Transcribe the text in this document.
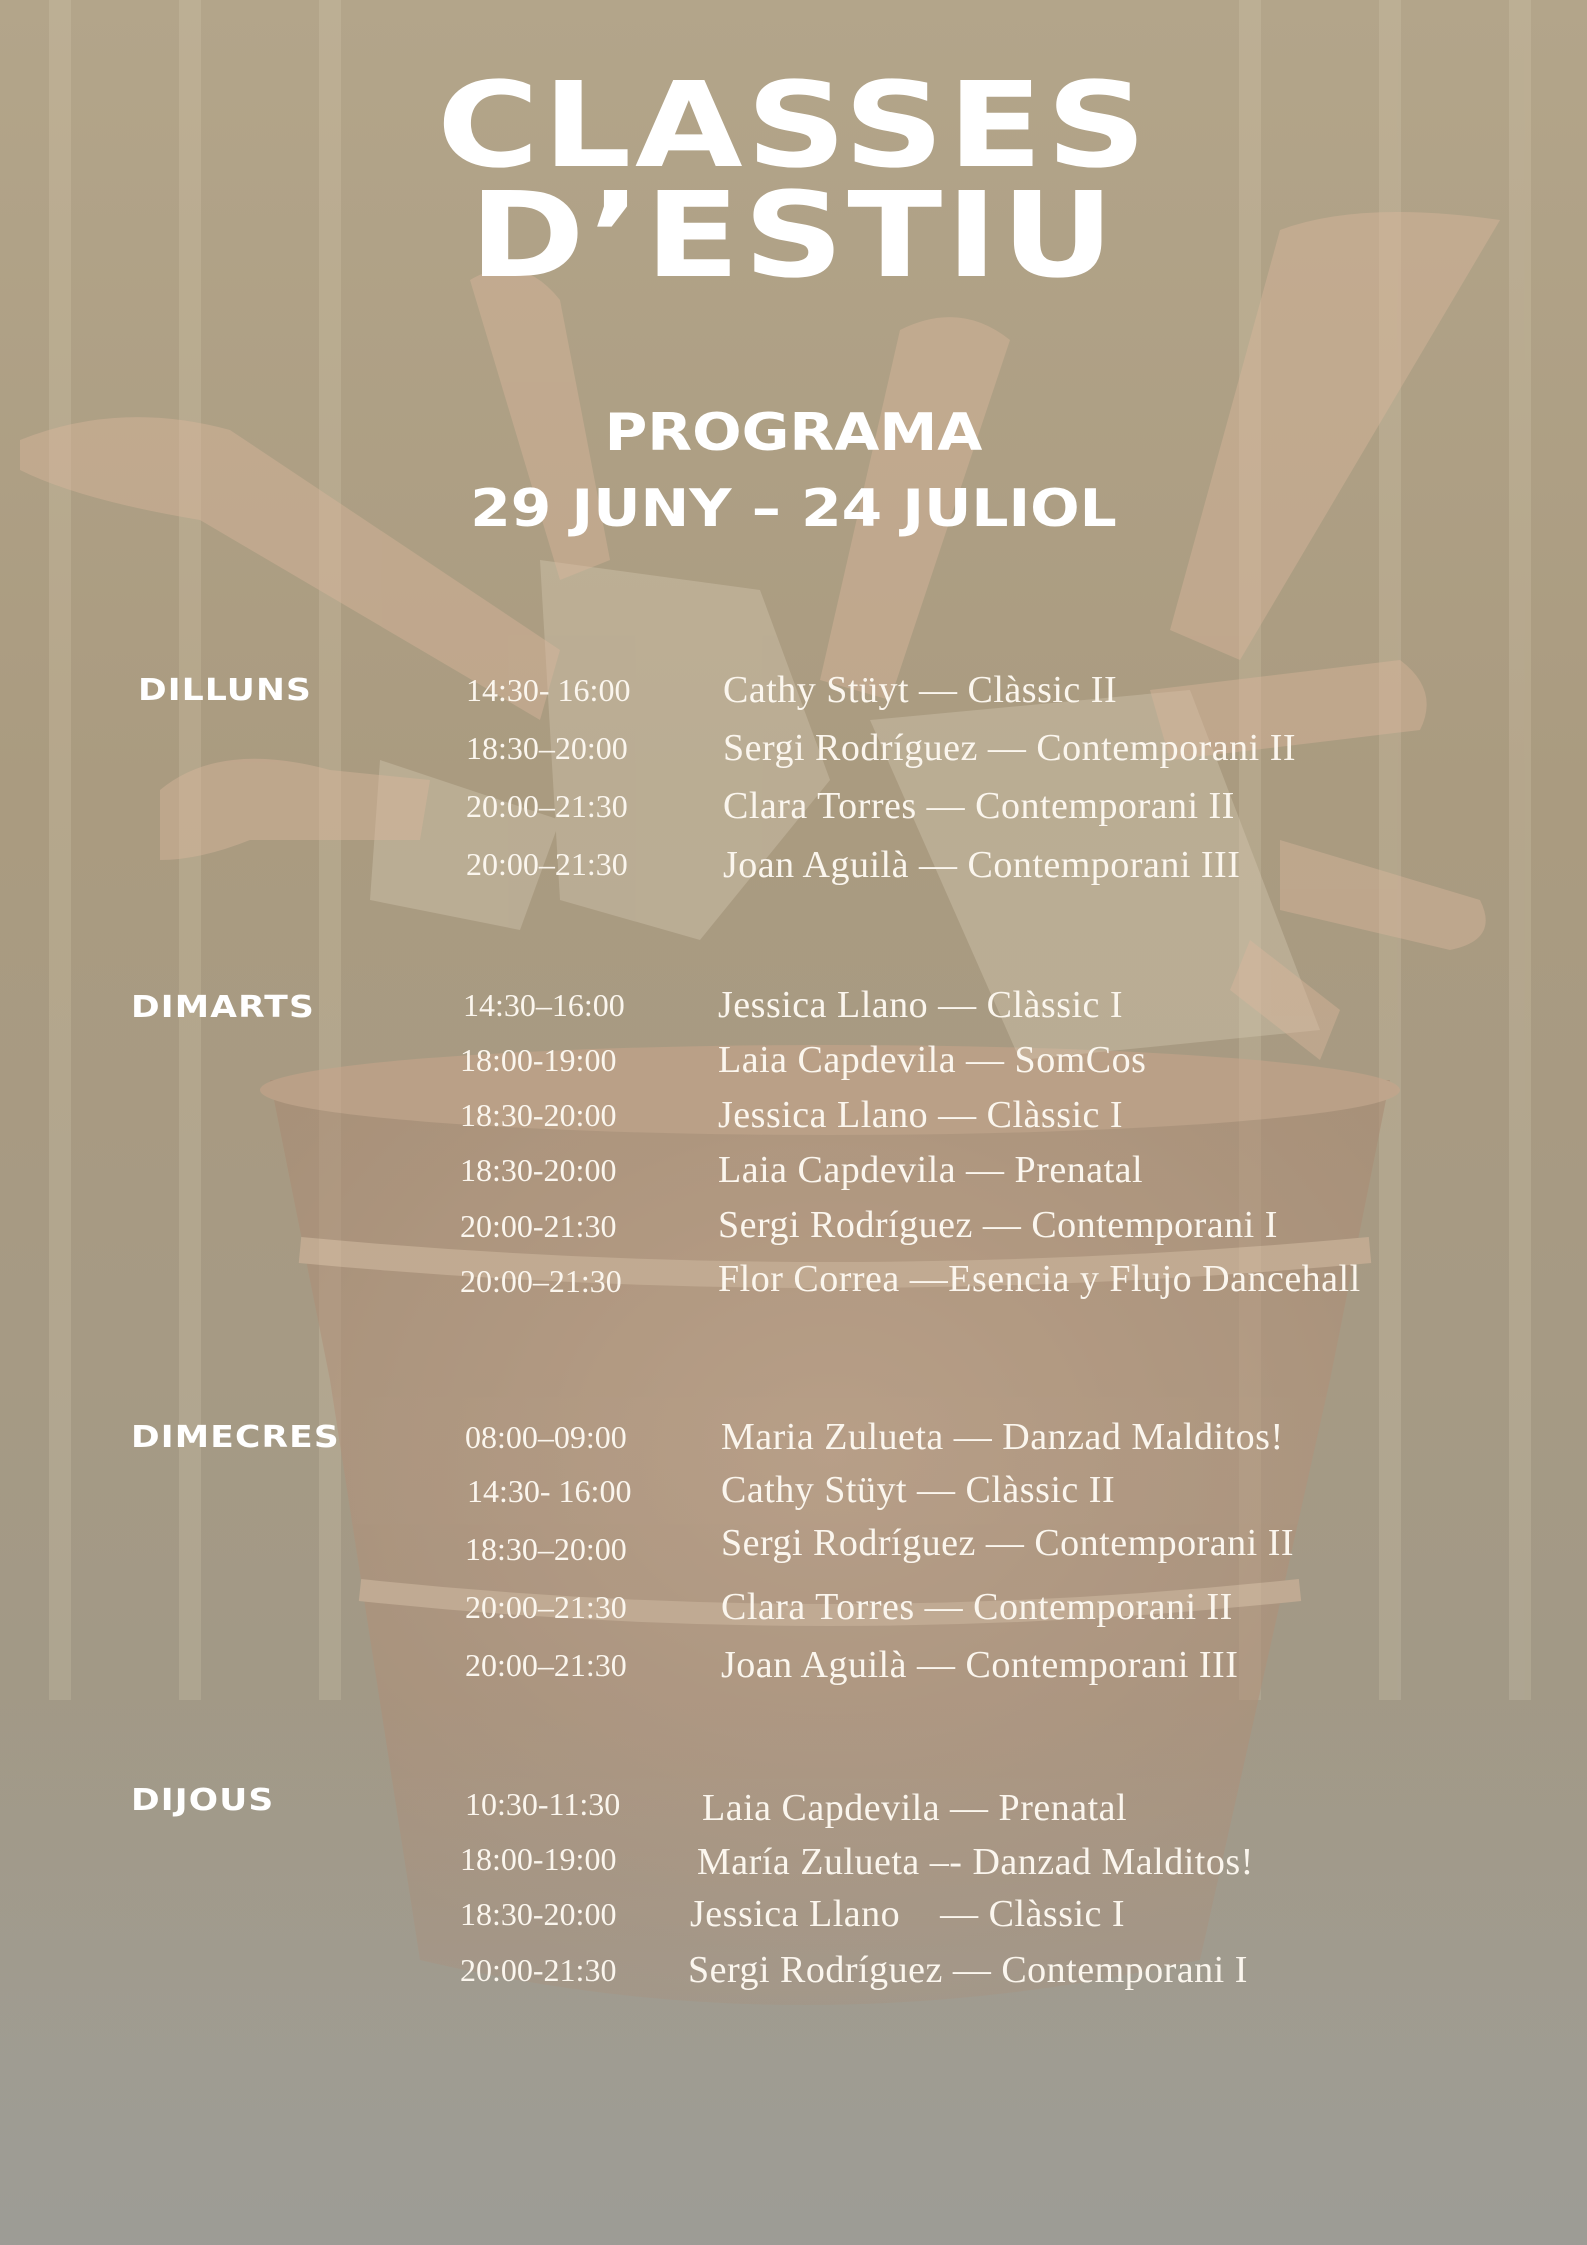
CLASSES
D’ESTIU
PROGRAMA
29 JUNY – 24 JULIOL
DILLUNS	14:30- 16:00 Cathy Stüyt — Clàssic II
18:30–20:00	Sergi Rodríguez — Contemporani II
20:00–21:30	Clara Torres — Contemporani II
20:00–21:30	Joan Aguilà — Contemporani III
DIMARTS	14:30–16:00 Jessica Llano — Clàssic I
18:00-19:00	Laia Capdevila — SomCos
18:30-20:00	Jessica Llano — Clàssic I
18:30-20:00	Laia Capdevila — Prenatal
20:00-21:30	Sergi Rodríguez — Contemporani I
20:00–21:30	Flor Correa —Esencia y Flujo Dancehall
DIMECRES	08:00–09:00 Maria Zulueta — Danzad Malditos!
14:30- 16:00 Cathy Stüyt — Clàssic II
18:30–20:00 Sergi Rodríguez — Contemporani II
20:00–21:30 Clara Torres — Contemporani II
20:00–21:30 Joan Aguilà — Contemporani III
DIJOUS	10:30-11:30 Laia Capdevila — Prenatal
18:00-19:00 María Zulueta –- Danzad Malditos!
18:30-20:00 Jessica Llano    — Clàssic I
20:00-21:30 Sergi Rodríguez — Contemporani I
